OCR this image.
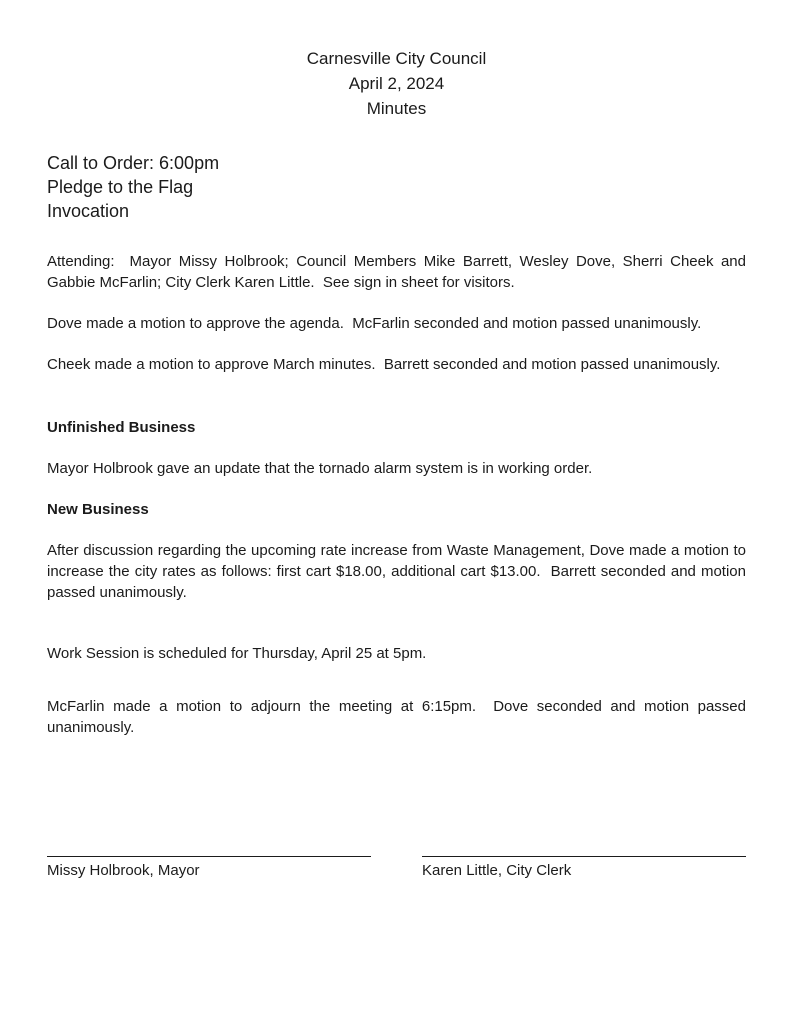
Carnesville City Council
April 2, 2024
Minutes
Call to Order: 6:00pm
Pledge to the Flag
Invocation

Attending:  Mayor Missy Holbrook; Council Members Mike Barrett, Wesley Dove, Sherri Cheek and Gabbie McFarlin; City Clerk Karen Little.  See sign in sheet for visitors.

Dove made a motion to approve the agenda.  McFarlin seconded and motion passed unanimously.

Cheek made a motion to approve March minutes.  Barrett seconded and motion passed unanimously.

Unfinished Business

Mayor Holbrook gave an update that the tornado alarm system is in working order.

New Business

After discussion regarding the upcoming rate increase from Waste Management, Dove made a motion to increase the city rates as follows: first cart $18.00, additional cart $13.00.  Barrett seconded and motion passed unanimously.

Work Session is scheduled for Thursday, April 25 at 5pm.

McFarlin made a motion to adjourn the meeting at 6:15pm.  Dove seconded and motion passed unanimously.

Missy Holbrook, Mayor	Karen Little, City Clerk
